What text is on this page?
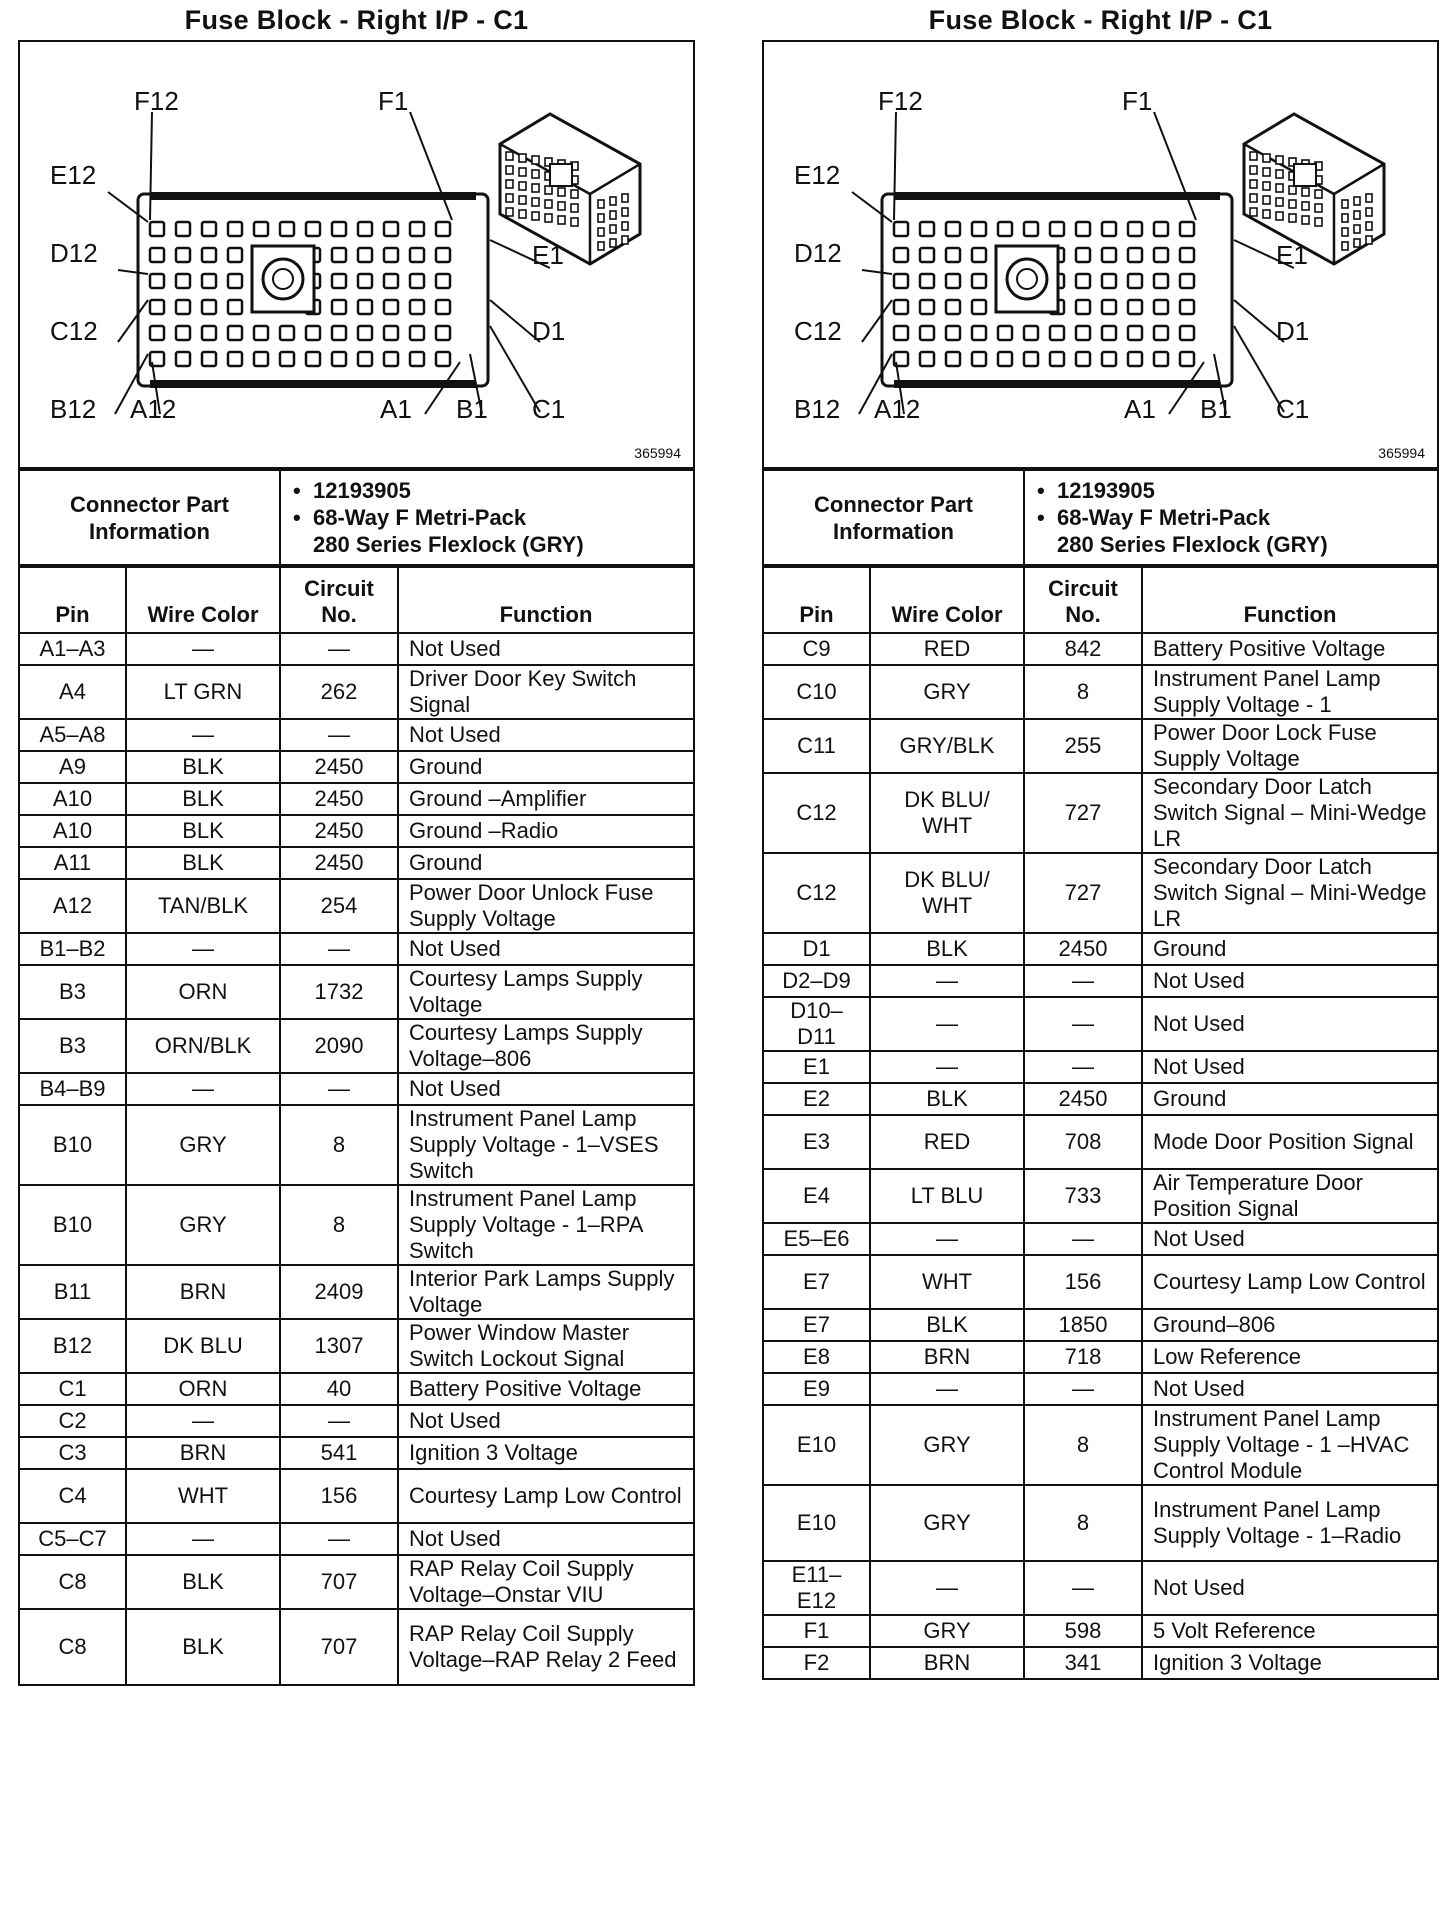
Fuse Block - Right I/P - C1
F12	F1
E12
E1
D12
D1
C12
C1
B12 A12	A1 B1
365994
Connector Part Information	
• 12193905
• 68-Way F Metri-Pack
280 Series Flexlock (GRY)
Pin	Wire Color	Circuit No.	Function
A1–A3	—	—	Not Used
A4	LT GRN	262	Driver Door Key Switch Signal
A5–A8	—	—	Not Used
A9	BLK	2450	Ground
A10	BLK	2450	Ground –Amplifier
A10	BLK	2450	Ground –Radio
A11	BLK	2450	Ground
A12	TAN/BLK	254	Power Door Unlock Fuse Supply Voltage
B1–B2	—	—	Not Used
B3	ORN	1732	Courtesy Lamps Supply Voltage
B3	ORN/BLK	2090	Courtesy Lamps Supply Voltage–806
B4–B9	—	—	Not Used
B10	GRY	8	Instrument Panel Lamp Supply Voltage - 1–VSES Switch
B10	GRY	8	Instrument Panel Lamp Supply Voltage - 1–RPA Switch
B11	BRN	2409	Interior Park Lamps Supply Voltage
B12	DK BLU	1307	Power Window Master Switch Lockout Signal
C1	ORN	40	Battery Positive Voltage
C2	—	—	Not Used
C3	BRN	541	Ignition 3 Voltage
C4	WHT	156	Courtesy Lamp Low Control
C5–C7	—	—	Not Used
C8	BLK	707	RAP Relay Coil Supply Voltage–Onstar VIU
C8	BLK	707	RAP Relay Coil Supply Voltage–RAP Relay 2 Feed
Fuse Block - Right I/P - C1
F12	F1
E12
E1
D12
D1
C12
C1
B12 A12	A1 B1
365994
Connector Part Information	
• 12193905
• 68-Way F Metri-Pack
280 Series Flexlock (GRY)
Pin	Wire Color	Circuit No.	Function
C9	RED	842	Battery Positive Voltage
C10	GRY	8	Instrument Panel Lamp Supply Voltage - 1
C11	GRY/BLK	255	Power Door Lock Fuse Supply Voltage
C12	DK BLU/ WHT	727	Secondary Door Latch Switch Signal – Mini-Wedge LR
C12	DK BLU/ WHT	727	Secondary Door Latch Switch Signal – Mini-Wedge LR
D1	BLK	2450	Ground
D2–D9	—	—	Not Used
D10– D11	—	—	Not Used
E1	—	—	Not Used
E2	BLK	2450	Ground
E3	RED	708	Mode Door Position Signal
E4	LT BLU	733	Air Temperature Door Position Signal
E5–E6	—	—	Not Used
E7	WHT	156	Courtesy Lamp Low Control
E7	BLK	1850	Ground–806
E8	BRN	718	Low Reference
E9	—	—	Not Used
E10	GRY	8	Instrument Panel Lamp Supply Voltage - 1 –HVAC Control Module
E10	GRY	8	Instrument Panel Lamp Supply Voltage - 1–Radio
E11– E12	—	—	Not Used
F1	GRY	598	5 Volt Reference
F2	BRN	341	Ignition 3 Voltage
